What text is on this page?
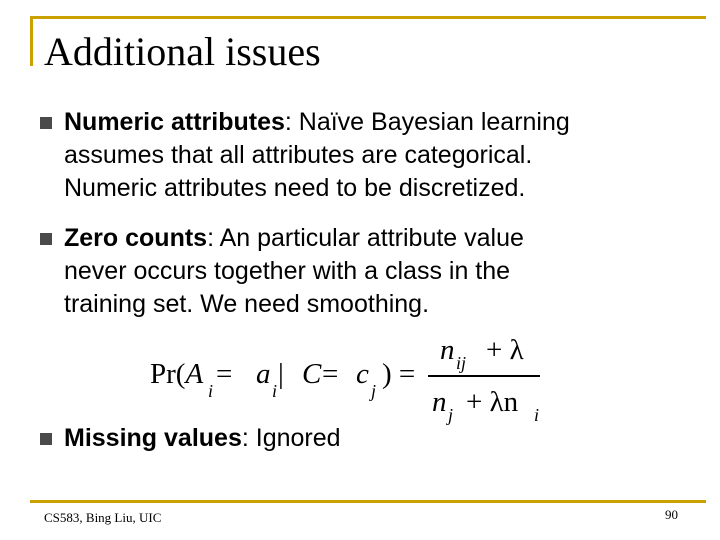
Additional issues
Numeric attributes: Naïve Bayesian learning
assumes that all attributes are categorical.
Numeric attributes need to be discretized.
Zero counts: An particular attribute value
never occurs together with a class in the
training set. We need smoothing.
Pr(A
i
= a
i
| C = c
j
) =
n ij + λ
n j + λn i
Missing values: Ignored
CS583, Bing Liu, UIC	90
